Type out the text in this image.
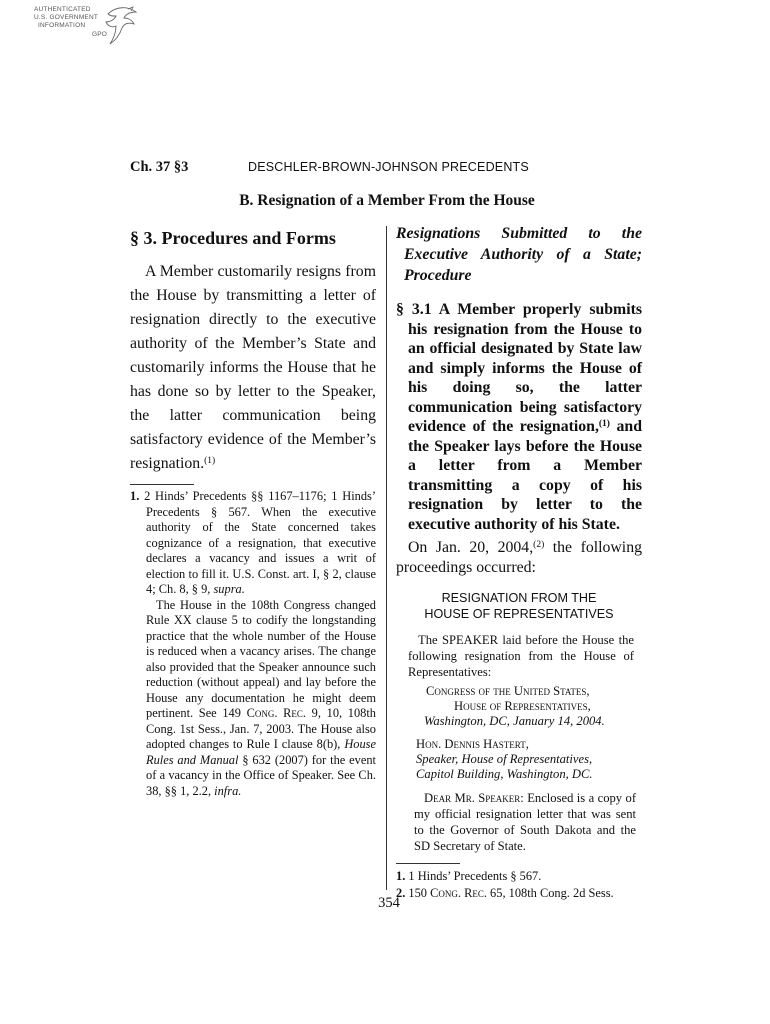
AUTHENTICATED
U.S. GOVERNMENT
INFORMATION
GPO
Ch. 37 §3	DESCHLER-BROWN-JOHNSON PRECEDENTS
B. Resignation of a Member From the House
§ 3. Procedures and Forms

A Member customarily resigns from the House by transmitting a letter of resignation directly to the executive authority of the Member’s State and customarily informs the House that he has done so by letter to the Speaker, the latter communication being satisfactory evidence of the Member’s resignation.$^{(1)}$

1. 2 Hinds’ Precedents §§ 1167–1176; 1 Hinds’ Precedents § 567. When the executive authority of the State concerned takes cognizance of a resignation, that executive declares a vacancy and issues a writ of election to fill it. U.S. Const. art. I, § 2, clause 4; Ch. 8, § 9, supra.

The House in the 108th Congress changed Rule XX clause 5 to codify the longstanding practice that the whole number of the House is reduced when a vacancy arises. The change also provided that the Speaker announce such reduction (without appeal) and lay before the House any documentation he might deem pertinent. See 149 Cong. Rec. 9, 10, 108th Cong. 1st Sess., Jan. 7, 2003. The House also adopted changes to Rule I clause 8(b), House Rules and Manual § 632 (2007) for the event of a vacancy in the Office of Speaker. See Ch. 38, §§ 1, 2.2, infra.

Resignations Submitted to the Executive Authority of a State; Procedure

§ 3.1 A Member properly submits his resignation from the House to an official designated by State law and simply informs the House of his doing so, the latter communication being satisfactory evidence of the resignation,$^{(1)}$ and the Speaker lays before the House a letter from a Member transmitting a copy of his resignation by letter to the executive authority of his State.

On Jan. 20, 2004,$^{(2)}$ the following proceedings occurred:

RESIGNATION FROM THE
HOUSE OF REPRESENTATIVES

The SPEAKER laid before the House the following resignation from the House of Representatives:

Congress of the United States,
House of Representatives,
Washington, DC, January 14, 2004.
Hon. Dennis Hastert,
Speaker, House of Representatives,
Capitol Building, Washington, DC.

Dear Mr. Speaker: Enclosed is a copy of my official resignation letter that was sent to the Governor of South Dakota and the SD Secretary of State.

1. 1 Hinds’ Precedents § 567.

2. 150 Cong. Rec. 65, 108th Cong. 2d Sess.

354
